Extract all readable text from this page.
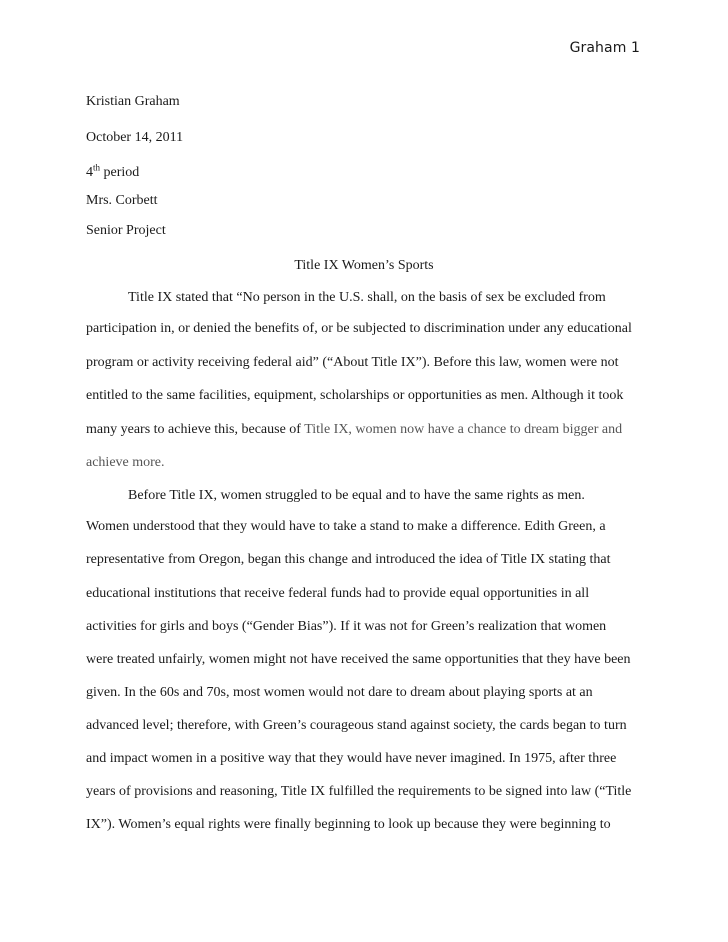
Graham 1
Kristian Graham
October 14, 2011
4th period
Mrs. Corbett
Senior Project
Title IX Women’s Sports
Title IX stated that “No person in the U.S. shall, on the basis of sex be excluded from
participation in, or denied the benefits of, or be subjected to discrimination under any educational
program or activity receiving federal aid” (“About Title IX”). Before this law, women were not
entitled to the same facilities, equipment, scholarships or opportunities as men. Although it took
many years to achieve this, because of Title IX, women now have a chance to dream bigger and
achieve more.
Before Title IX, women struggled to be equal and to have the same rights as men.
Women understood that they would have to take a stand to make a difference. Edith Green, a
representative from Oregon, began this change and introduced the idea of Title IX stating that
educational institutions that receive federal funds had to provide equal opportunities in all
activities for girls and boys (“Gender Bias”). If it was not for Green’s realization that women
were treated unfairly, women might not have received the same opportunities that they have been
given. In the 60s and 70s, most women would not dare to dream about playing sports at an
advanced level; therefore, with Green’s courageous stand against society, the cards began to turn
and impact women in a positive way that they would have never imagined. In 1975, after three
years of provisions and reasoning, Title IX fulfilled the requirements to be signed into law (“Title
IX”). Women’s equal rights were finally beginning to look up because they were beginning to
